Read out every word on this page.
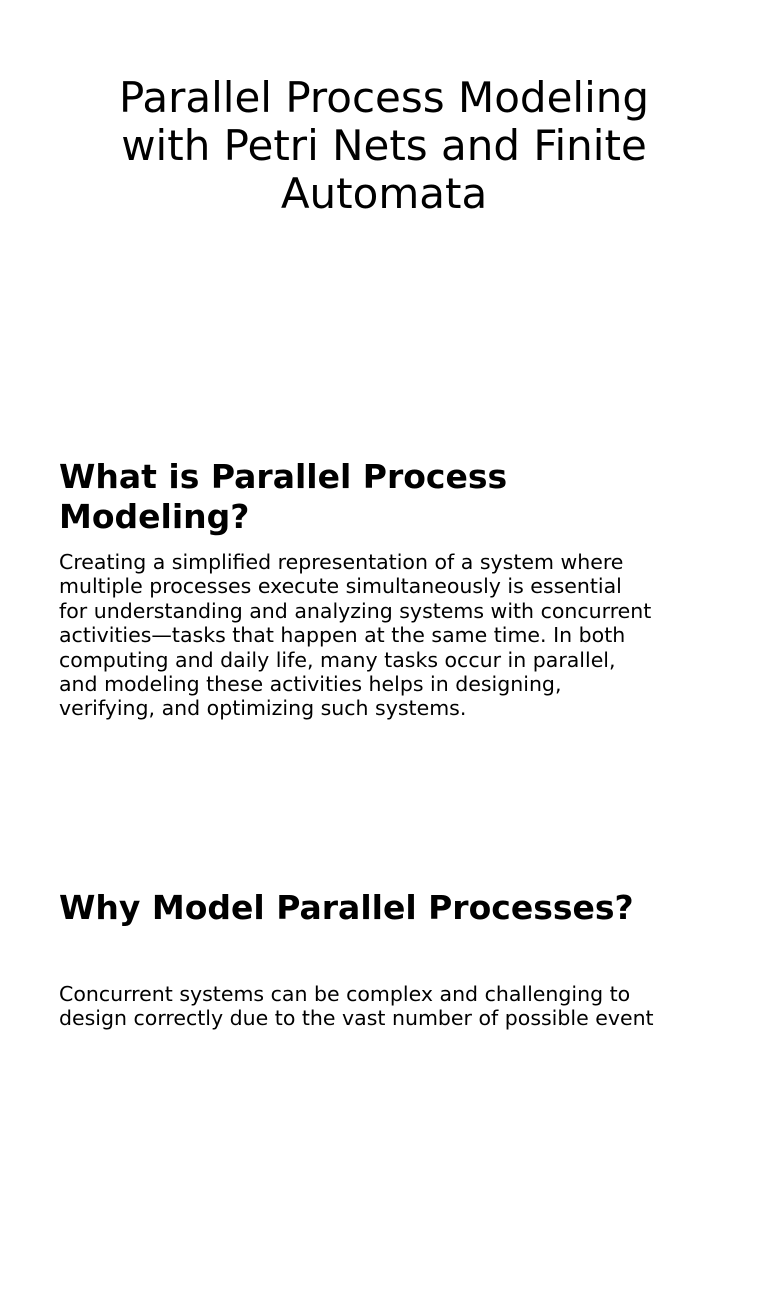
Parallel Process Modeling
with Petri Nets and Finite
Automata
What is Parallel Process
Modeling?

Creating a simplified representation of a system where
multiple processes execute simultaneously is essential
for understanding and analyzing systems with concurrent
activities—tasks that happen at the same time. In both
computing and daily life, many tasks occur in parallel,
and modeling these activities helps in designing,
verifying, and optimizing such systems.

Why Model Parallel Processes?

Concurrent systems can be complex and challenging to
design correctly due to the vast number of possible event
